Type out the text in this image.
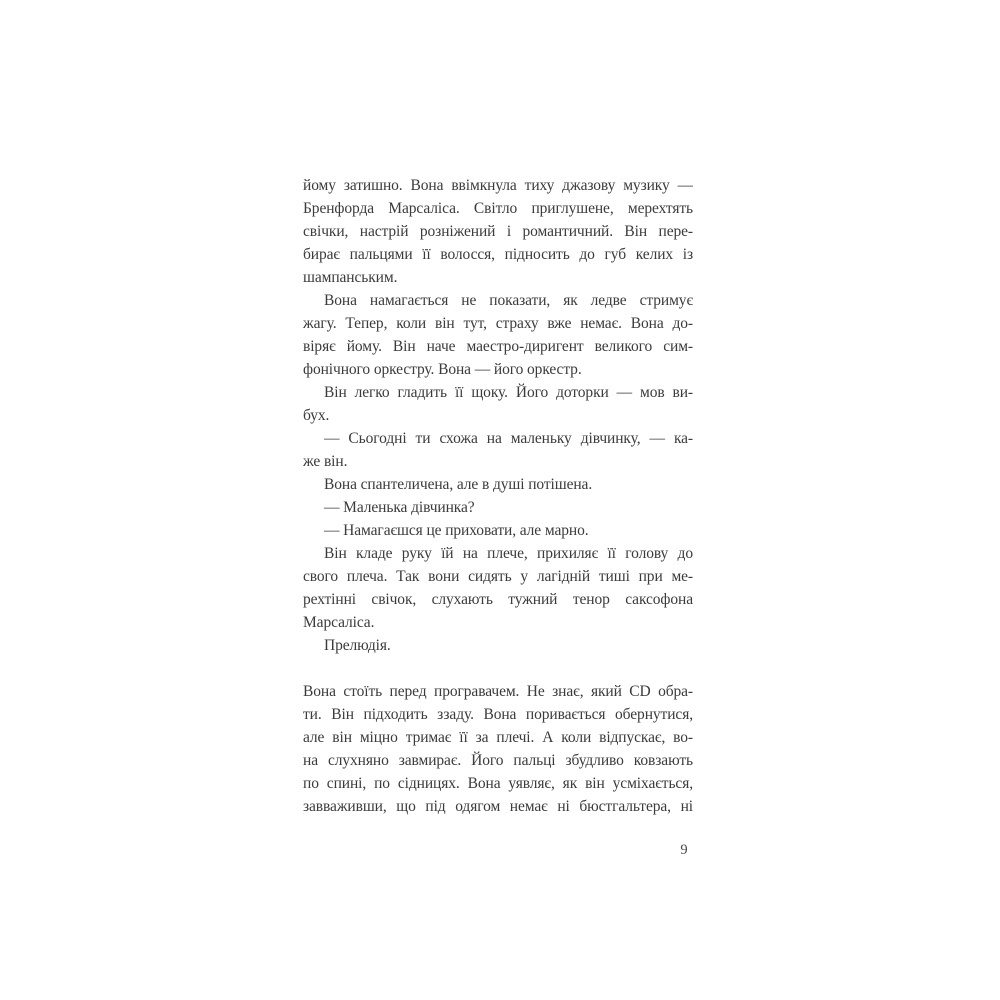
йому затишно. Вона ввімкнула тиху джазову музику —
Бренфорда Марсаліса. Світло приглушене, мерехтять
свічки, настрій розніжений і романтичний. Він пере-
бирає пальцями її волосся, підносить до губ келих із
шампанським.
Вона намагається не показати, як ледве стримує
жагу. Тепер, коли він тут, страху вже немає. Вона до-
віряє йому. Він наче маестро-диригент великого сим-
фонічного оркестру. Вона — його оркестр.
Він легко гладить її щоку. Його доторки — мов ви-
бух.
— Сьогодні ти схожа на маленьку дівчинку, — ка-
же він.
Вона спантеличена, але в душі потішена.
— Маленька дівчинка?
— Намагаєшся це приховати, але марно.
Він кладе руку їй на плече, прихиляє її голову до
свого плеча. Так вони сидять у лагідній тиші при ме-
рехтінні свічок, слухають тужний тенор саксофона
Марсаліса.
Прелюдія.
Вона стоїть перед програвачем. Не знає, який CD обра-
ти. Він підходить ззаду. Вона поривається обернутися,
але він міцно тримає її за плечі. А коли відпускає, во-
на слухняно завмирає. Його пальці збудливо ковзають
по спині, по сідницях. Вона уявляє, як він усміхається,
завваживши, що під одягом немає ні бюстгальтера, ні
9
